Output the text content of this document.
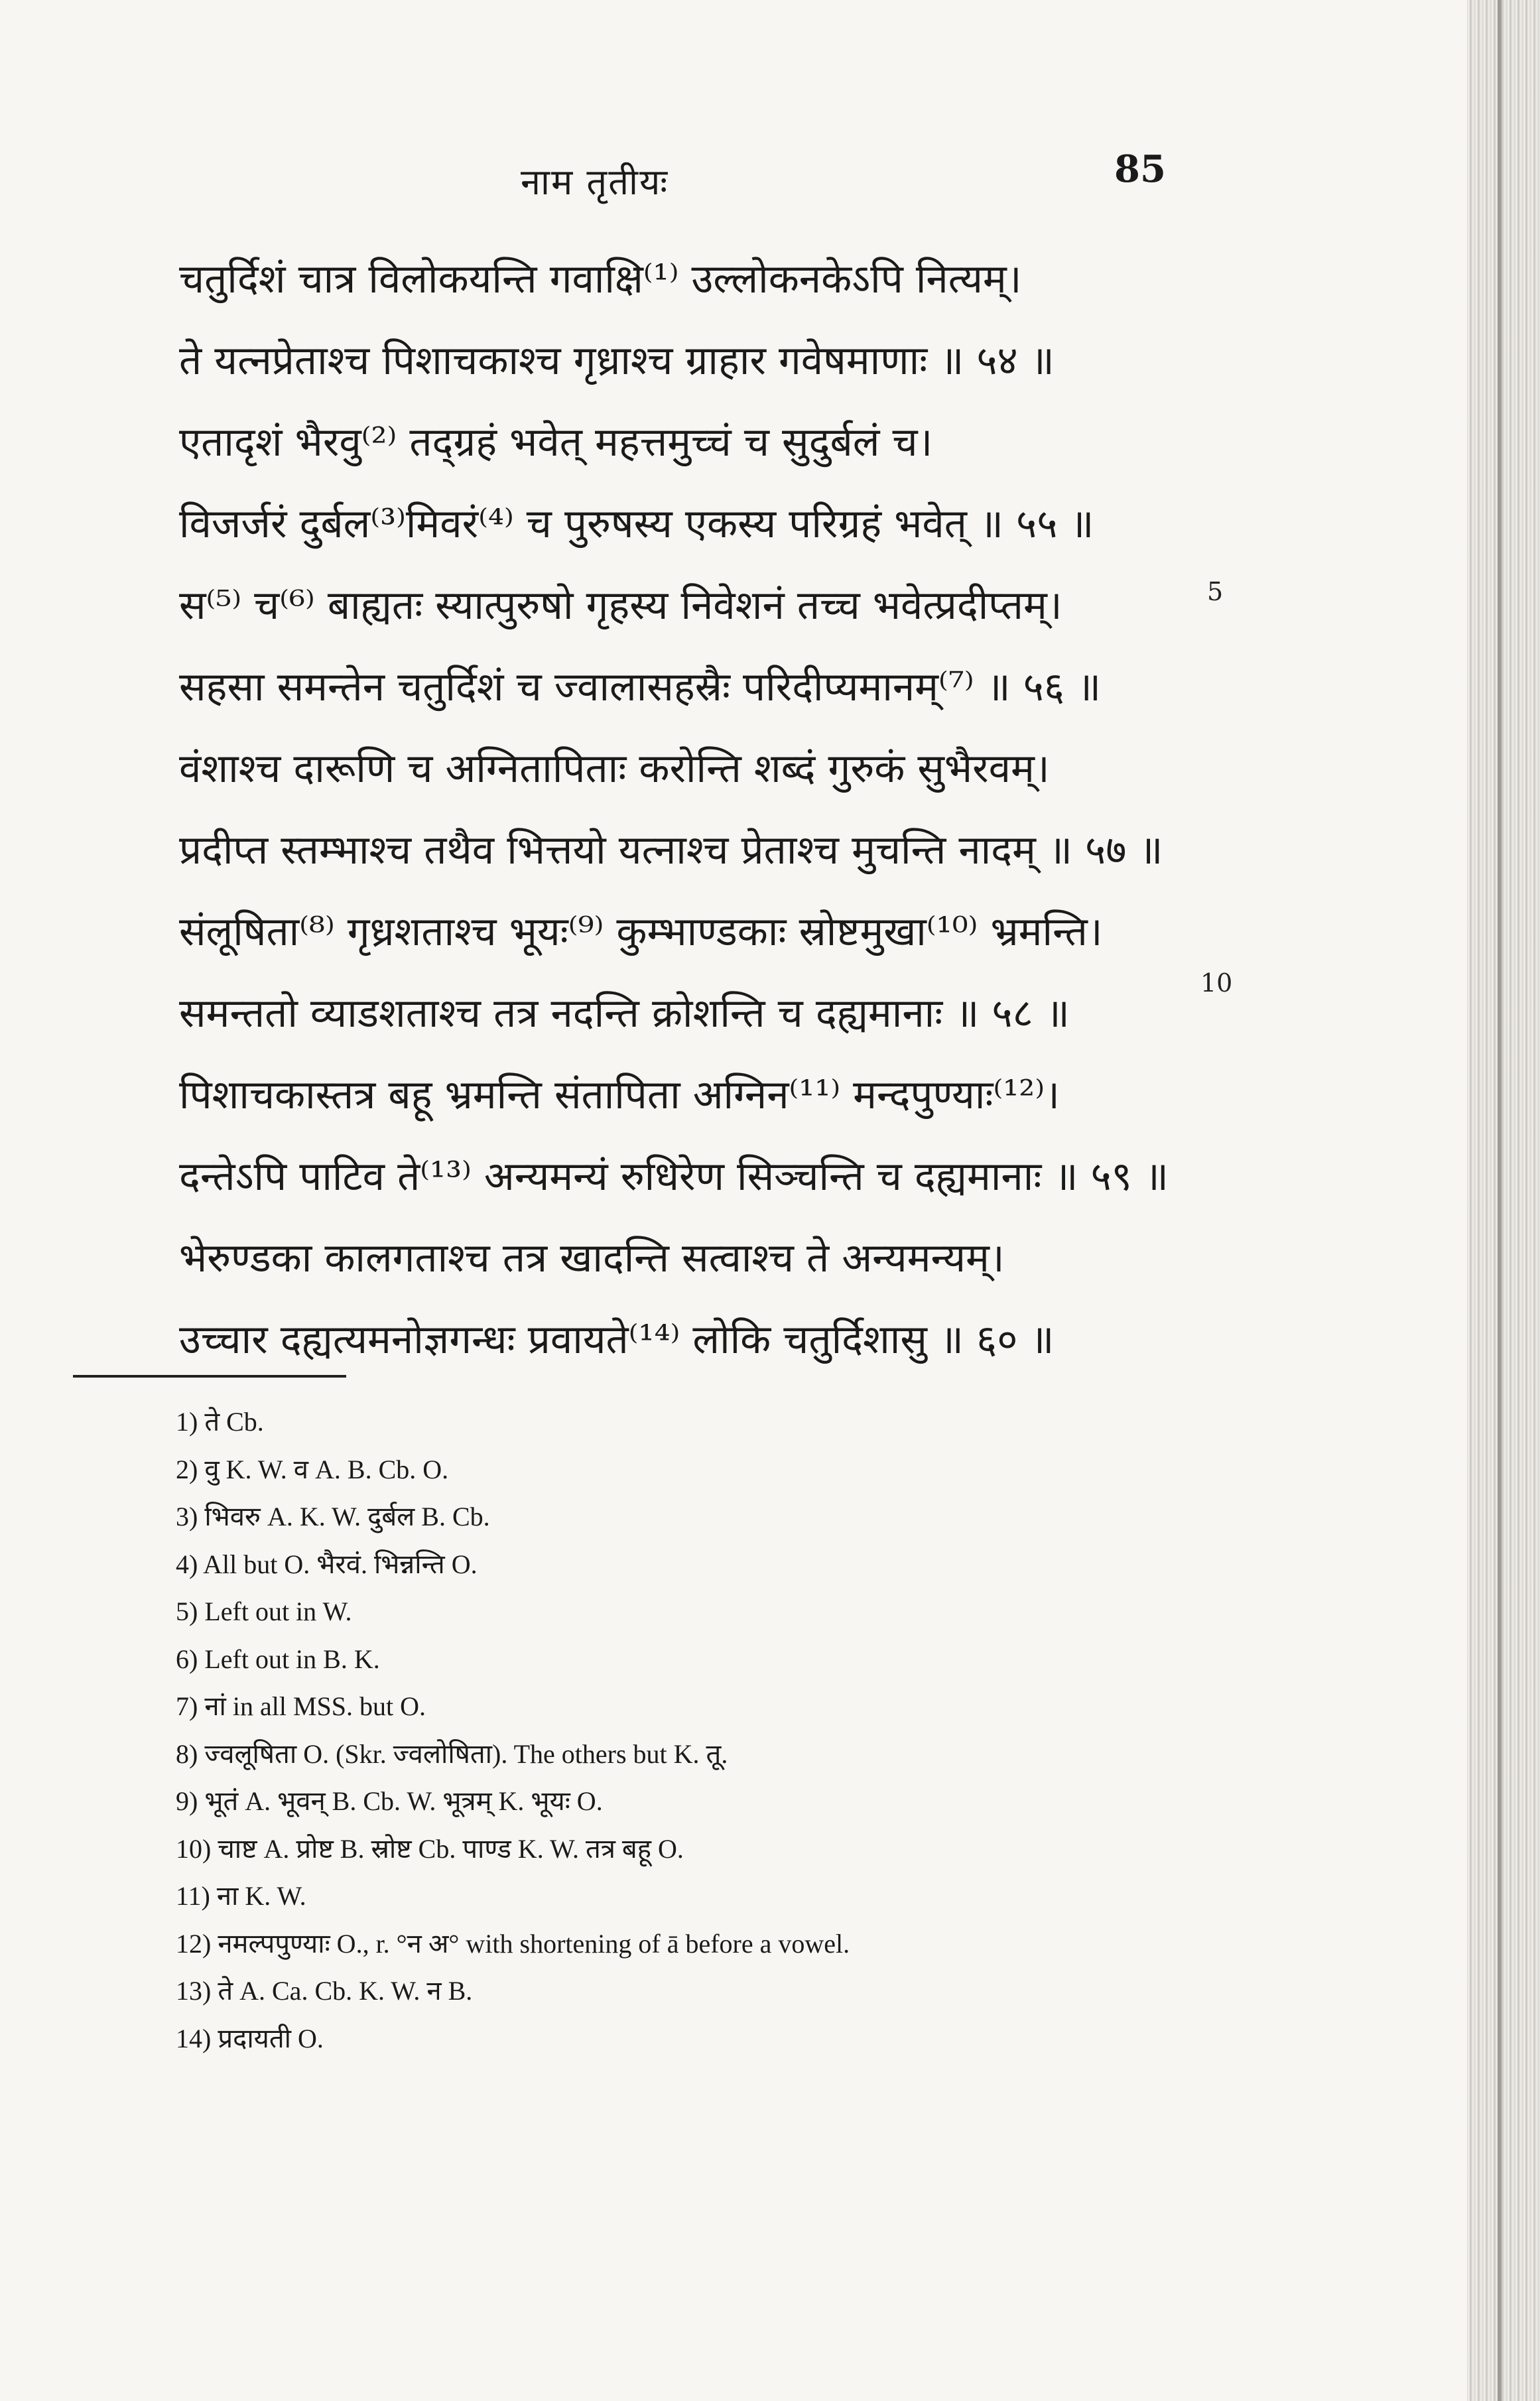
नाम तृतीयः	85
चतुर्दिशं चात्र विलोकयन्ति गवाक्षि⁽¹⁾ उल्लोकनकेऽपि नित्यम्।
ते यत्नप्रेताश्च पिशाचकाश्च गृध्राश्च ग्राहार गवेषमाणाः ॥ ५४ ॥
एतादृशं भैरवु⁽²⁾ तद्ग्रहं भवेत् महत्तमुच्चं च सुदुर्बलं च।
विजर्जरं दुर्बल⁽³⁾मिवरं⁽⁴⁾ च पुरुषस्य एकस्य परिग्रहं भवेत् ॥ ५५ ॥
स⁽⁵⁾ च⁽⁶⁾ बाह्यतः स्यात्पुरुषो गृहस्य निवेशनं तच्च भवेत्प्रदीप्तम्।
सहसा समन्तेन चतुर्दिशं च ज्वालासहस्रैः परिदीप्यमानम्⁽⁷⁾ ॥ ५६ ॥
वंशाश्च दारूणि च अग्नितापिताः करोन्ति शब्दं गुरुकं सुभैरवम्।
प्रदीप्त स्तम्भाश्च तथैव भित्तयो यत्नाश्च प्रेताश्च मुचन्ति नादम् ॥ ५७ ॥
संलूषिता⁽⁸⁾ गृध्रशताश्च भूयः⁽⁹⁾ कुम्भाण्डकाः स्रोष्टमुखा⁽¹⁰⁾ भ्रमन्ति।
समन्ततो व्याडशताश्च तत्र नदन्ति क्रोशन्ति च दह्यमानाः ॥ ५८ ॥
पिशाचकास्तत्र बहू भ्रमन्ति संतापिता अग्निन⁽¹¹⁾ मन्दपुण्याः⁽¹²⁾।
दन्तेऽपि पाटिव ते⁽¹³⁾ अन्यमन्यं रुधिरेण सिञ्चन्ति च दह्यमानाः ॥ ५९ ॥
भेरुण्डका कालगताश्च तत्र खादन्ति सत्वाश्च ते अन्यमन्यम्।
उच्चार दह्यत्यमनोज्ञगन्धः प्रवायते⁽¹⁴⁾ लोकि चतुर्दिशासु ॥ ६० ॥
5
10
1) ते Cb.
2) वु K. W. व A. B. Cb. O.
3) भिवरु A. K. W. दुर्बल B. Cb.
4) All but O. भैरवं. भिन्नन्ति O.
5) Left out in W.
6) Left out in B. K.
7) नां in all MSS. but O.
8) ज्वलूषिता O. (Skr. ज्वलोषिता). The others but K. तू.
9) भूतं A. भूवन् B. Cb. W. भूत्रम् K. भूयः O.
10) चाष्ट A. प्रोष्ट B. स्रोष्ट Cb. पाण्ड K. W. तत्र बहू O.
11) ना K. W.
12) नमल्पपुण्याः O., r. °न अ° with shortening of ā before a vowel.
13) ते A. Ca. Cb. K. W. न B.
14) प्रदायती O.
